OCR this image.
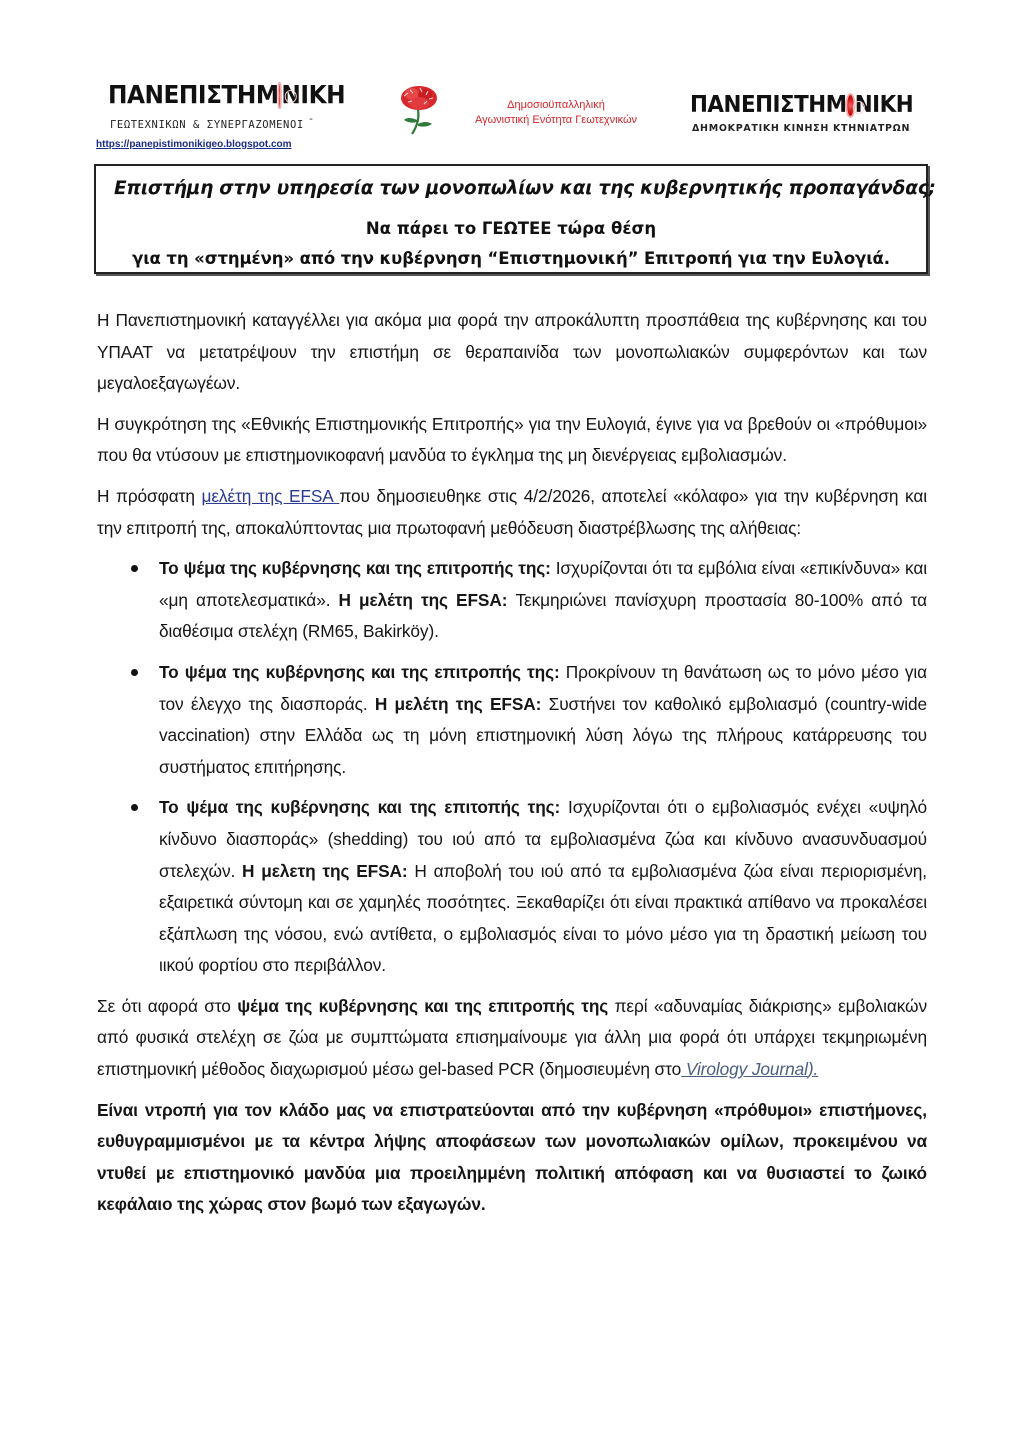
ΠΑΝΕΠΙΣΤΗΜ ΝΙΚΗ
ΓΕΩΤΕΧΝΙΚΩΝ & ΣΥΝΕΡΓΑΖΟΜΕΝΟΙ -
https://panepistimonikigeo.blogspot.com
Δημοσιοϋπαλληλική
Αγωνιστική Ενότητα Γεωτεχνικών
ΠΑΝΕΠΙΣΤΗΜ ΝΙΚΗ
ΔΗΜΟΚΡΑΤΙΚΗ ΚΙΝΗΣΗ ΚΤΗΝΙΑΤΡΩΝ
Επιστήμη στην υπηρεσία των μονοπωλίων και της κυβερνητικής προπαγάνδας;
Να πάρει το ΓΕΩΤΕΕ τώρα θέση
για τη «στημένη» από την κυβέρνηση “Επιστημονική” Επιτροπή για την Ευλογιά.

Η Πανεπιστημονική καταγγέλλει για ακόμα μια φορά την απροκάλυπτη προσπάθεια της κυβέρνησης και του ΥΠΑΑΤ να μετατρέψουν την επιστήμη σε θεραπαινίδα των μονοπωλιακών συμφερόντων και των μεγαλοεξαγωγέων.

Η συγκρότηση της «Εθνικής Επιστημονικής Επιτροπής» για την Ευλογιά, έγινε για να βρεθούν οι «πρόθυμοι» που θα ντύσουν με επιστημονικοφανή μανδύα το έγκλημα της μη διενέργειας εμβολιασμών.

Η πρόσφατη μελέτη της EFSA που δημοσιευθηκε στις 4/2/2026, αποτελεί «κόλαφο» για την κυβέρνηση και την επιτροπή της, αποκαλύπτοντας μια πρωτοφανή μεθόδευση διαστρέβλωσης της αλήθειας:

Το ψέμα της κυβέρνησης και της επιτροπής της: Ισχυρίζονται ότι τα εμβόλια είναι «επικίνδυνα» και «μη αποτελεσματικά». Η μελέτη της EFSA: Τεκμηριώνει πανίσχυρη προστασία 80-100% από τα διαθέσιμα στελέχη (RM65, Bakirköy).
Το ψέμα της κυβέρνησης και της επιτροπής της: Προκρίνουν τη θανάτωση ως το μόνο μέσο για τον έλεγχο της διασποράς. Η μελέτη της EFSA: Συστήνει τον καθολικό εμβολιασμό (country-wide vaccination) στην Ελλάδα ως τη μόνη επιστημονική λύση λόγω της πλήρους κατάρρευσης του συστήματος επιτήρησης.
Το ψέμα της κυβέρνησης και της επιτοπής της: Ισχυρίζονται ότι ο εμβολιασμός ενέχει «υψηλό κίνδυνο διασποράς» (shedding) του ιού από τα εμβολιασμένα ζώα και κίνδυνο ανασυνδυασμού στελεχών. Η μελετη της EFSA: Η αποβολή του ιού από τα εμβολιασμένα ζώα είναι περιορισμένη, εξαιρετικά σύντομη και σε χαμηλές ποσότητες. Ξεκαθαρίζει ότι είναι πρακτικά απίθανο να προκαλέσει εξάπλωση της νόσου, ενώ αντίθετα, ο εμβολιασμός είναι το μόνο μέσο για τη δραστική μείωση του ιικού φορτίου στο περιβάλλον.

Σε ότι αφορά στο ψέμα της κυβέρνησης και της επιτροπής της περί «αδυναμίας διάκρισης» εμβολιακών από φυσικά στελέχη σε ζώα με συμπτώματα επισημαίνουμε για άλλη μια φορά ότι υπάρχει τεκμηριωμένη επιστημονική μέθοδος διαχωρισμού μέσω gel-based PCR (δημοσιευμένη στο Virology Journal).

Είναι ντροπή για τον κλάδο μας να επιστρατεύονται από την κυβέρνηση «πρόθυμοι» επιστήμονες, ευθυγραμμισμένοι με τα κέντρα λήψης αποφάσεων των μονοπωλιακών ομίλων, προκειμένου να ντυθεί με επιστημονικό μανδύα μια προειλημμένη πολιτική απόφαση και να θυσιαστεί το ζωικό κεφάλαιο της χώρας στον βωμό των εξαγωγών.
